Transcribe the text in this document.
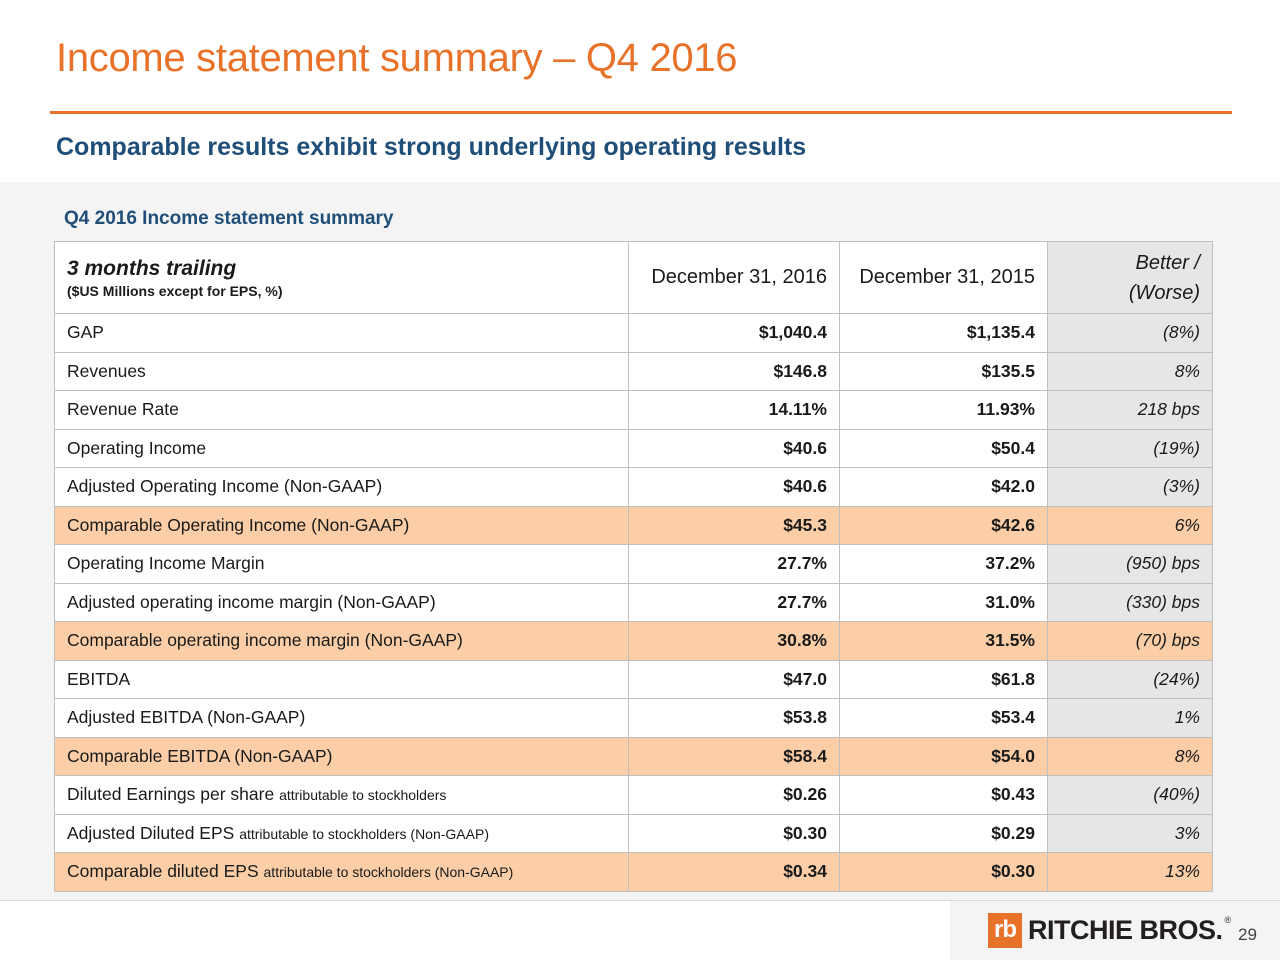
Income statement summary – Q4 2016
Comparable results exhibit strong underlying operating results
Q4 2016 Income statement summary
3 months trailing
($US Millions except for EPS, %)	December 31, 2016	December 31, 2015	Better /
(Worse)
GAP	$1,040.4	$1,135.4	(8%)
Revenues	$146.8	$135.5	8%
Revenue Rate	14.11%	11.93%	218 bps
Operating Income	$40.6	$50.4	(19%)
Adjusted Operating Income (Non-GAAP)	$40.6	$42.0	(3%)
Comparable Operating Income (Non-GAAP)	$45.3	$42.6	6%
Operating Income Margin	27.7%	37.2%	(950) bps
Adjusted operating income margin (Non-GAAP)	27.7%	31.0%	(330) bps
Comparable operating income margin (Non-GAAP)	30.8%	31.5%	(70) bps
EBITDA	$47.0	$61.8	(24%)
Adjusted EBITDA (Non-GAAP)	$53.8	$53.4	1%
Comparable EBITDA (Non-GAAP)	$58.4	$54.0	8%
Diluted Earnings per share attributable to stockholders	$0.26	$0.43	(40%)
Adjusted Diluted EPS attributable to stockholders (Non-GAAP)	$0.30	$0.29	3%
Comparable diluted EPS attributable to stockholders (Non-GAAP)	$0.34	$0.30	13%
rb RITCHIE BROS. ®
29
